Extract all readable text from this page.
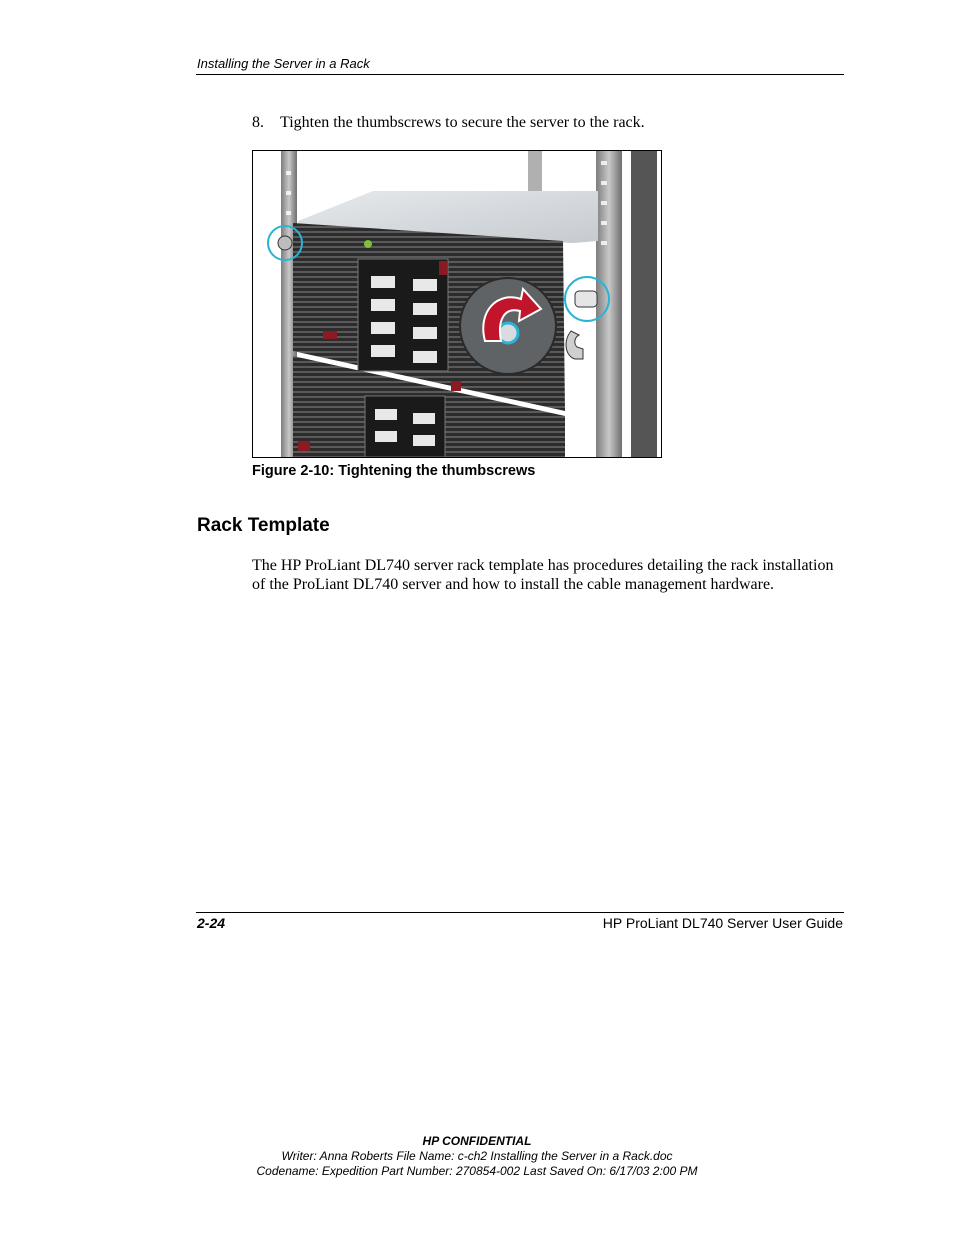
Installing the Server in a Rack
8. Tighten the thumbscrews to secure the server to the rack.
Figure 2-10: Tightening the thumbscrews
Rack Template
The HP ProLiant DL740 server rack template has procedures detailing the rack installation of the ProLiant DL740 server and how to install the cable management hardware.
2-24	HP ProLiant DL740 Server User Guide
HP CONFIDENTIAL
Writer: Anna Roberts File Name: c-ch2 Installing the Server in a Rack.doc
Codename: Expedition Part Number: 270854-002 Last Saved On: 6/17/03 2:00 PM
